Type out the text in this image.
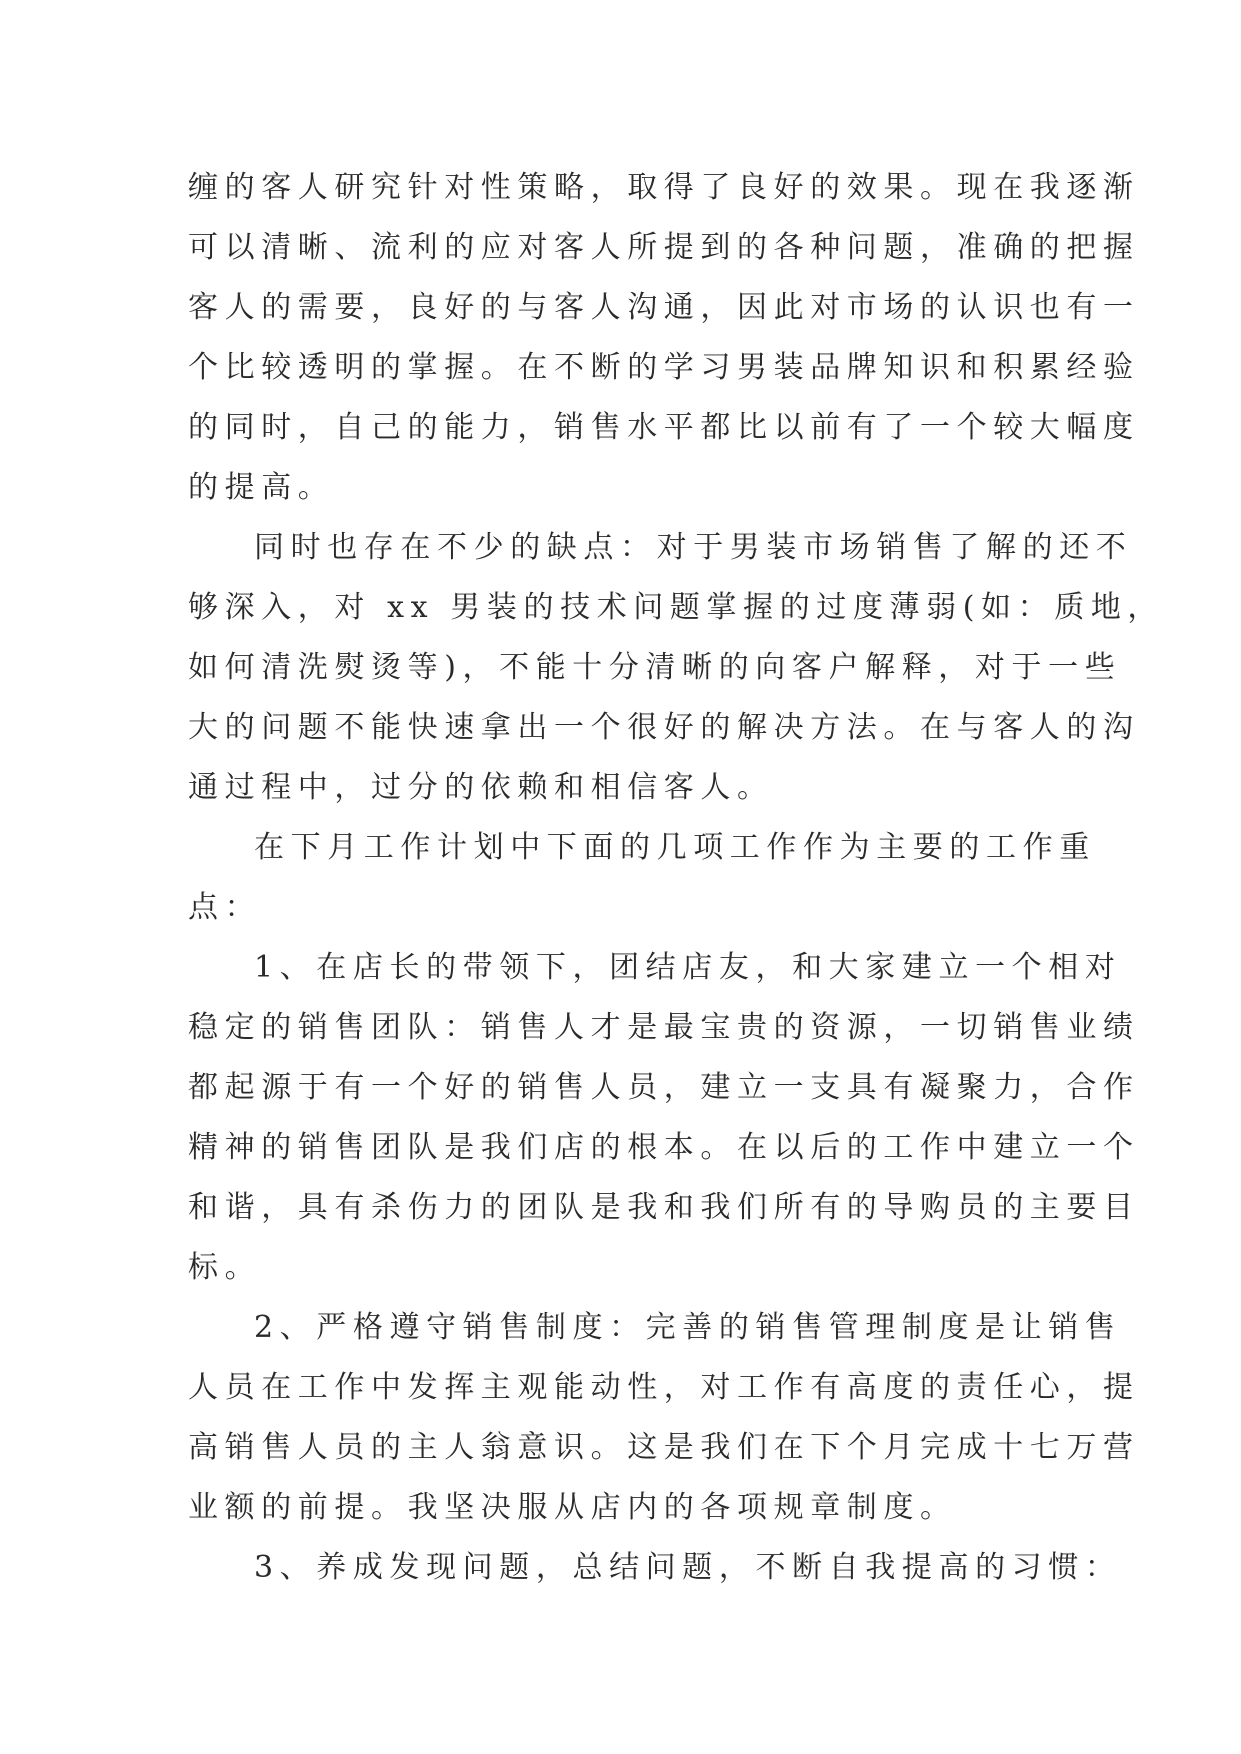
缠的客人研究针对性策略，取得了良好的效果。现在我逐渐
可以清晰、流利的应对客人所提到的各种问题，准确的把握
客人的需要，良好的与客人沟通，因此对市场的认识也有一
个比较透明的掌握。在不断的学习男装品牌知识和积累经验
的同时，自己的能力，销售水平都比以前有了一个较大幅度
的提高。
同时也存在不少的缺点：对于男装市场销售了解的还不
够深入，对 xx 男装的技术问题掌握的过度薄弱(如：质地，
如何清洗熨烫等)，不能十分清晰的向客户解释，对于一些
大的问题不能快速拿出一个很好的解决方法。在与客人的沟
通过程中，过分的依赖和相信客人。
在下月工作计划中下面的几项工作作为主要的工作重
点：
1、在店长的带领下，团结店友，和大家建立一个相对
稳定的销售团队：销售人才是最宝贵的资源，一切销售业绩
都起源于有一个好的销售人员，建立一支具有凝聚力，合作
精神的销售团队是我们店的根本。在以后的工作中建立一个
和谐，具有杀伤力的团队是我和我们所有的导购员的主要目
标。
2、严格遵守销售制度：完善的销售管理制度是让销售
人员在工作中发挥主观能动性，对工作有高度的责任心，提
高销售人员的主人翁意识。这是我们在下个月完成十七万营
业额的前提。我坚决服从店内的各项规章制度。
3、养成发现问题，总结问题，不断自我提高的习惯：
